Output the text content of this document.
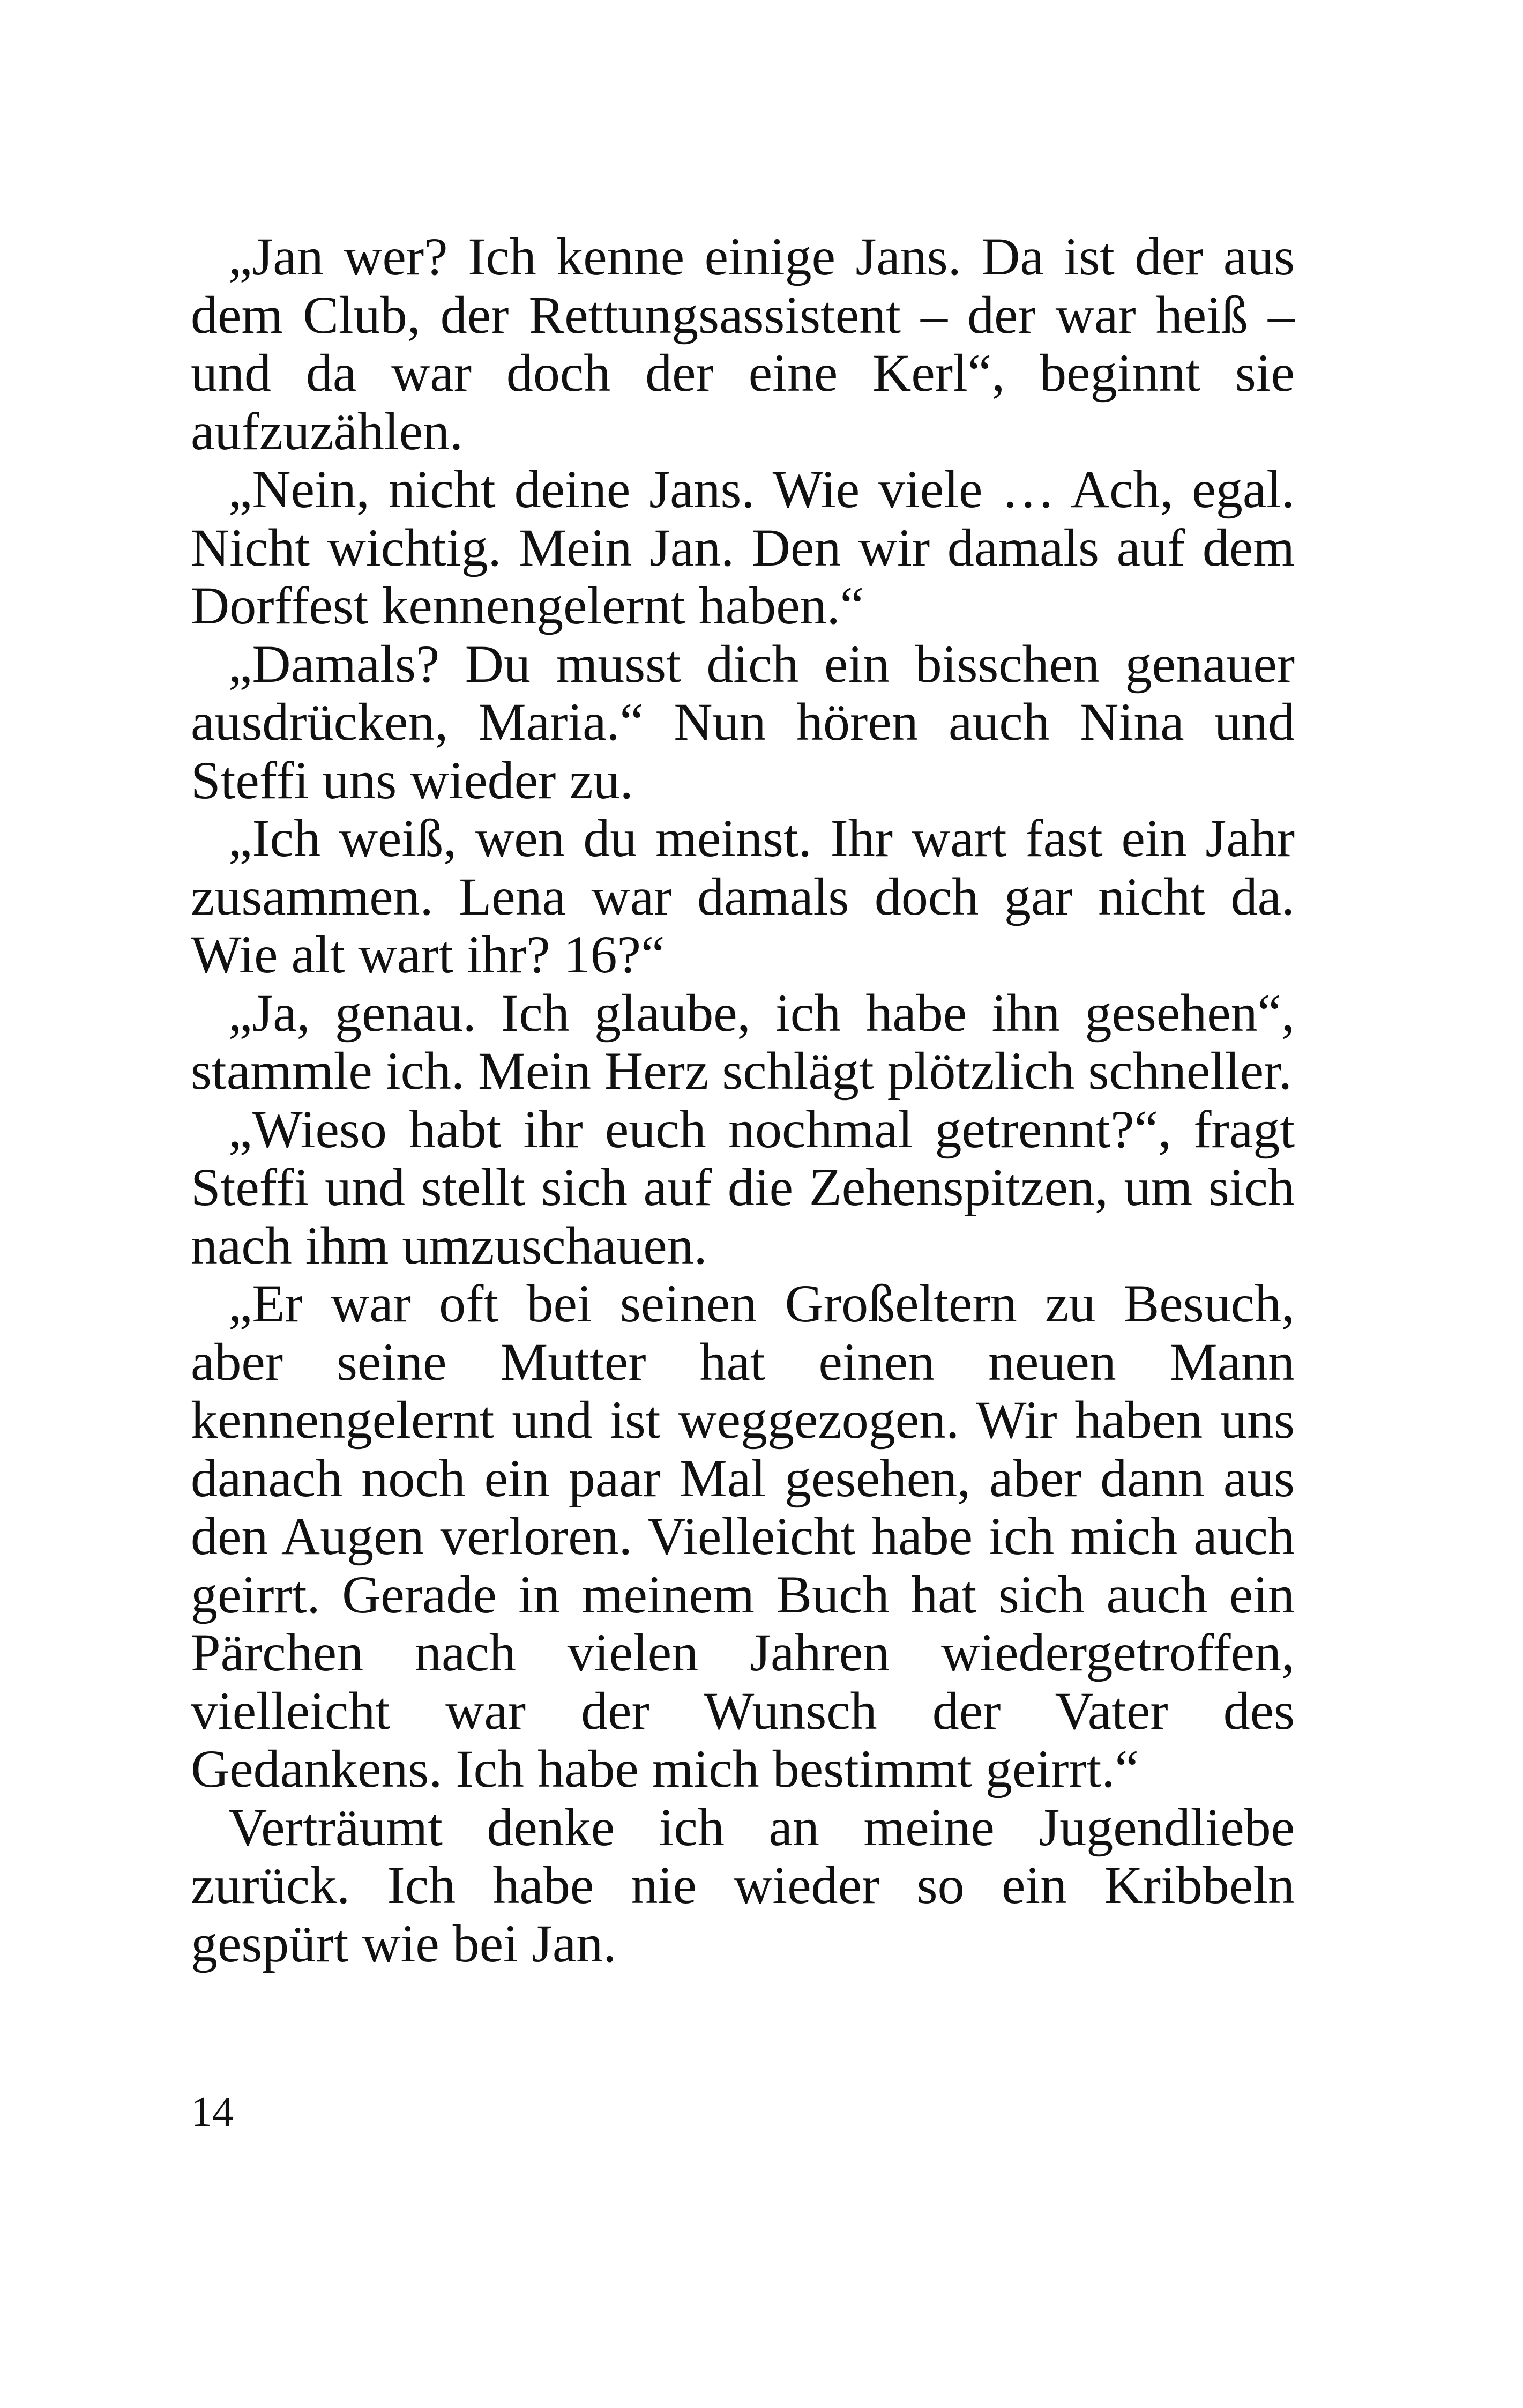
„Jan wer? Ich kenne einige Jans. Da ist der aus dem Club, der Rettungsassistent – der war heiß – und da war doch der eine Kerl“, beginnt sie aufzuzählen.

„Nein, nicht deine Jans. Wie viele … Ach, egal. Nicht wichtig. Mein Jan. Den wir damals auf dem Dorffest kennengelernt haben.“

„Damals? Du musst dich ein bisschen genauer ausdrücken, Maria.“ Nun hören auch Nina und Steffi uns wieder zu.

„Ich weiß, wen du meinst. Ihr wart fast ein Jahr zusammen. Lena war damals doch gar nicht da. Wie alt wart ihr? 16?“

„Ja, genau. Ich glaube, ich habe ihn gesehen“, stammle ich. Mein Herz schlägt plötzlich schneller.

„Wieso habt ihr euch nochmal getrennt?“, fragt Steffi und stellt sich auf die Zehenspitzen, um sich nach ihm umzuschauen.

„Er war oft bei seinen Großeltern zu Besuch, aber seine Mutter hat einen neuen Mann kennengelernt und ist weggezogen. Wir haben uns danach noch ein paar Mal gesehen, aber dann aus den Augen verloren. Vielleicht habe ich mich auch geirrt. Gerade in meinem Buch hat sich auch ein Pärchen nach vielen Jahren wiedergetroffen, vielleicht war der Wunsch der Vater des Gedankens. Ich habe mich bestimmt geirrt.“

Verträumt denke ich an meine Jugendliebe zurück. Ich habe nie wieder so ein Kribbeln gespürt wie bei Jan.

14
